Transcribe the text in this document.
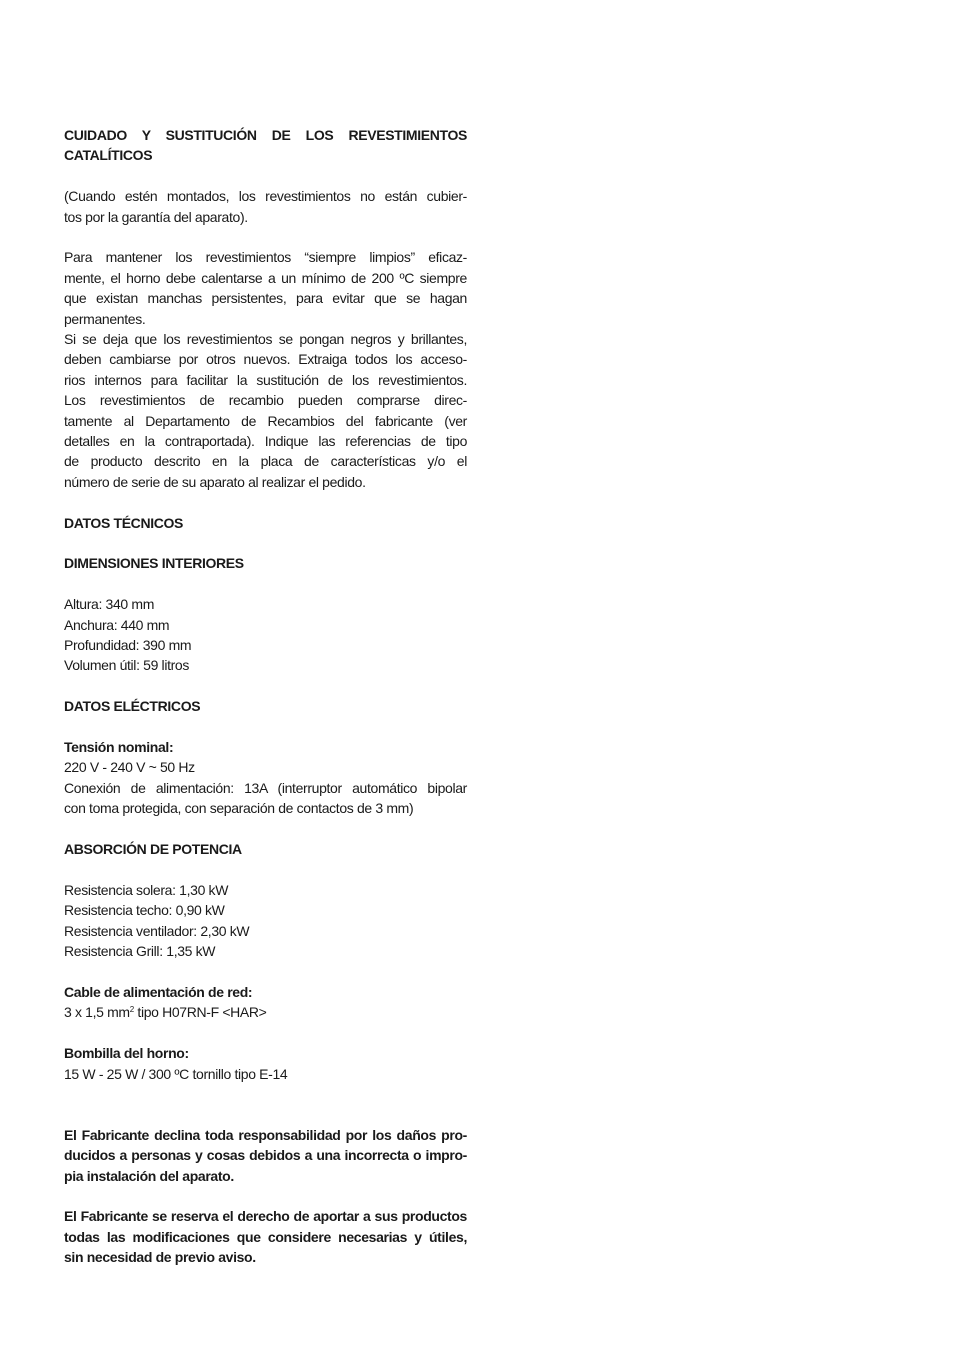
CUIDADO Y SUSTITUCIÓN DE LOS REVESTIMIENTOS
CATALÍTICOS
(Cuando estén montados, los revestimientos no están cubier-
tos por la garantía del aparato).
Para mantener los revestimientos “siempre limpios” eficaz-
mente, el horno debe calentarse a un mínimo de 200 ºC siempre
que existan manchas persistentes, para evitar que se hagan
permanentes.
Si se deja que los revestimientos se pongan negros y brillantes,
deben cambiarse por otros nuevos. Extraiga todos los acceso-
rios internos para facilitar la sustitución de los revestimientos.
Los revestimientos de recambio pueden comprarse direc-
tamente al Departamento de Recambios del fabricante (ver
detalles en la contraportada). Indique las referencias de tipo
de producto descrito en la placa de características y/o el
número de serie de su aparato al realizar el pedido.
DATOS TÉCNICOS
DIMENSIONES INTERIORES
Altura: 340 mm
Anchura: 440 mm
Profundidad: 390 mm
Volumen útil: 59 litros
DATOS ELÉCTRICOS
Tensión nominal:
220 V - 240 V ~ 50 Hz
Conexión de alimentación: 13A (interruptor automático bipolar
con toma protegida, con separación de contactos de 3 mm)
ABSORCIÓN DE POTENCIA
Resistencia solera: 1,30 kW
Resistencia techo: 0,90 kW
Resistencia ventilador: 2,30 kW
Resistencia Grill: 1,35 kW
Cable de alimentación de red:
3 x 1,5 $mm^2$ tipo H07RN-F <HAR>
Bombilla del horno:
15 W - 25 W / 300 ºC tornillo tipo E-14
El Fabricante declina toda responsabilidad por los daños pro-
ducidos a personas y cosas debidos a una incorrecta o impro-
pia instalación del aparato.
El Fabricante se reserva el derecho de aportar a sus productos
todas las modificaciones que considere necesarias y útiles,
sin necesidad de previo aviso.
